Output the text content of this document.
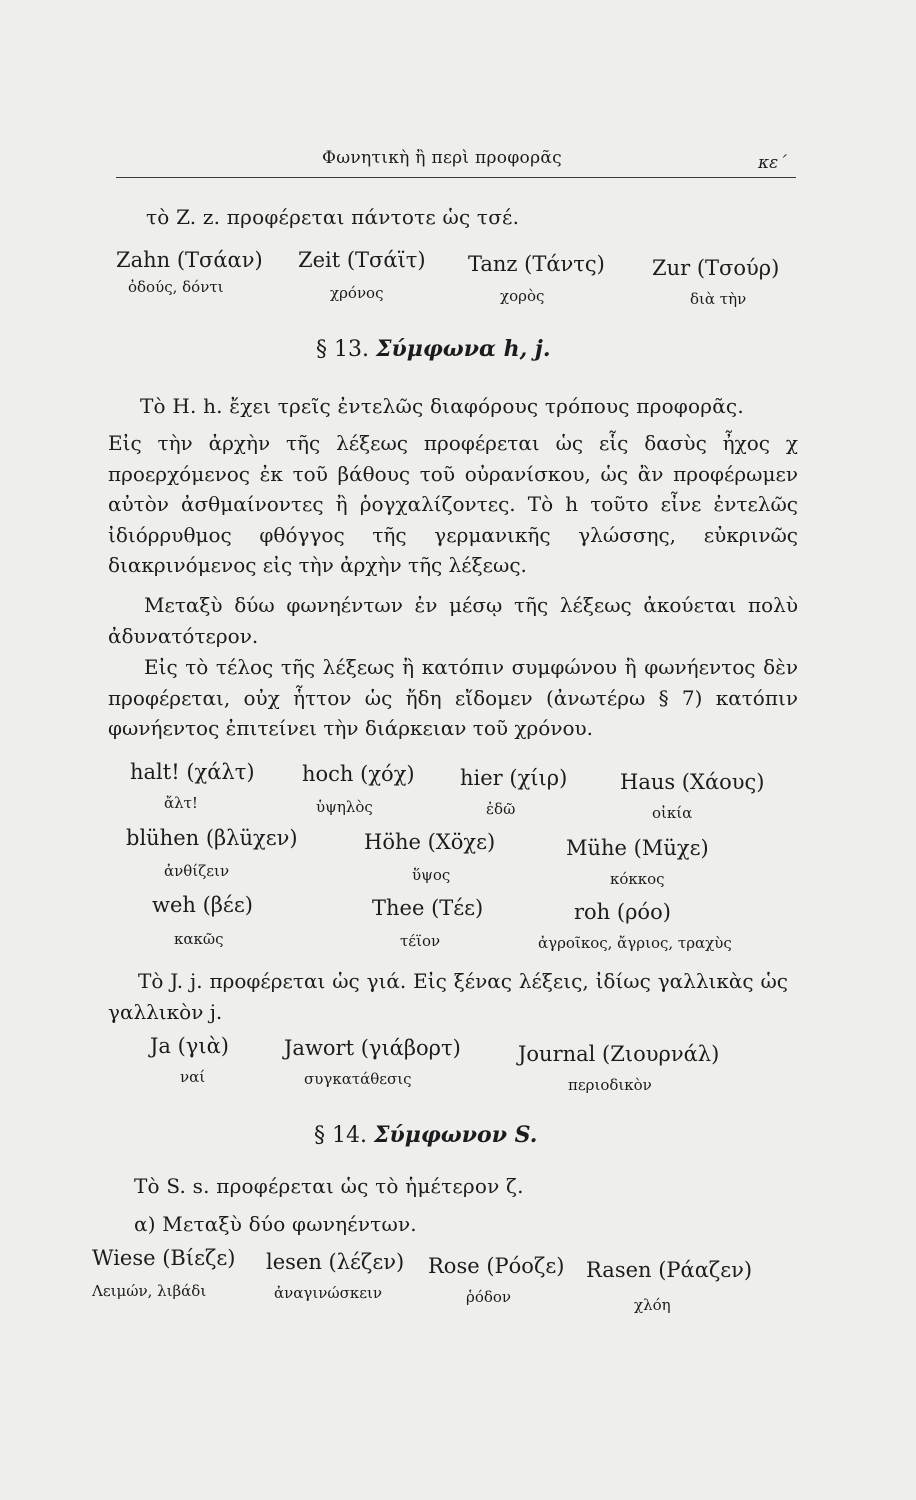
Φωνητικὴ ἢ περὶ προφορᾶς	κε΄
τὸ Z. z. προφέρεται πάντοτε ὡς τσέ.
Zahn (Τσάαν)
ὀδούς, δόντι
Zeit (Τσάϊτ)
χρόνος
Tanz (Τάντς)
χορὸς
Zur (Τσούρ)
διὰ τὴν
§ 13. Σύμφωνα h, j.
Τὸ H. h. ἔχει τρεῖς ἐντελῶς διαφόρους τρόπους προφορᾶς.

Εἰς τὴν ἀρχὴν τῆς λέξεως προφέρεται ὡς εἷς δασὺς ἦχος χ προερχόμενος ἐκ τοῦ βάθους τοῦ οὐρανίσκου, ὡς ἂν προφέρωμεν αὐτὸν ἀσθμαίνοντες ἢ ῥογχαλίζοντες. Τὸ h τοῦτο εἶνε ἐντελῶς ἰδιόρρυθμος φθόγγος τῆς γερμανικῆς γλώσσης, εὐκρινῶς διακρινόμενος εἰς τὴν ἀρχὴν τῆς λέξεως.

Μεταξὺ δύω φωνηέντων ἐν μέσῳ τῆς λέξεως ἀκούεται πολὺ ἀδυνατότερον.

Εἰς τὸ τέλος τῆς λέξεως ἢ κατόπιν συμφώνου ἢ φωνήεντος δὲν προφέρεται, οὐχ ἧττον ὡς ἤδη εἴδομεν (ἀνωτέρω § 7) κατόπιν φωνήεντος ἐπιτείνει τὴν διάρκειαν τοῦ χρόνου.

halt! (χάλτ)
ἄλτ!
hoch (χόχ)
ὑψηλὸς
hier (χίιρ)
ἐδῶ
Haus (Χάους)
οἰκία
blühen (βλüχεν)
ἀνθίζειν
Höhe (Xöχε)
ὕψος
Mühe (Müχε)
κόκκος
weh (βέε)
κακῶς
Thee (Τέε)
τέϊον
roh (ρόο)
ἀγροῖκος, ἄγριος, τραχὺς

Τὸ J. j. προφέρεται ὡς γιά. Εἰς ξένας λέξεις, ἰδίως γαλλικὰς ὡς γαλλικὸν j.

Ja (γιὰ)
ναί
Jawort (γιάβορτ)
συγκατάθεσις
Journal (Ζιουρνάλ)
περιοδικὸν
§ 14. Σύμφωνον S.
Τὸ S. s. προφέρεται ὡς τὸ ἡμέτερον ζ.
α) Μεταξὺ δύο φωνηέντων.
Wiese (Βίεζε)
Λειμών, λιβάδι
lesen (λέζεν)
ἀναγινώσκειν
Rose (Ρόοζε)
ῥόδον
Rasen (Ράαζεν)
χλόη
